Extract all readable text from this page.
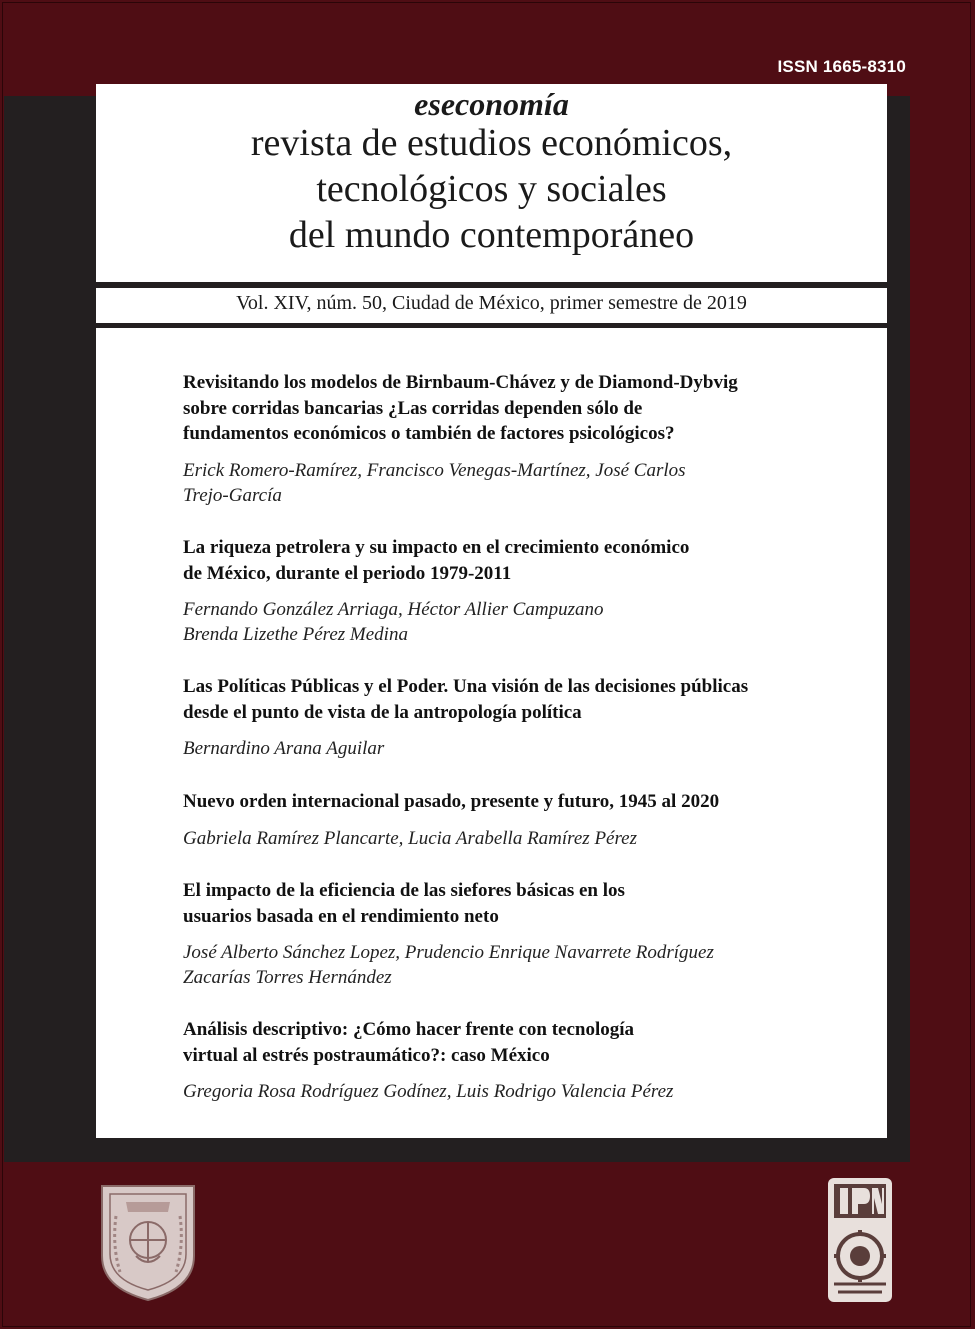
ISSN 1665-8310
eseconomía
revista de estudios económicos,
tecnológicos y sociales
del mundo contemporáneo
Vol. XIV, núm. 50, Ciudad de México, primer semestre de 2019
Revisitando los modelos de Birnbaum-Chávez y de Diamond-Dybvig
sobre corridas bancarias ¿Las corridas dependen sólo de
fundamentos económicos o también de factores psicológicos?
Erick Romero-Ramírez, Francisco Venegas-Martínez, José Carlos
Trejo-García
La riqueza petrolera y su impacto en el crecimiento económico
de México, durante el periodo 1979-2011
Fernando González Arriaga, Héctor Allier Campuzano
Brenda Lizethe Pérez Medina
Las Políticas Públicas y el Poder. Una visión de las decisiones públicas
desde el punto de vista de la antropología política
Bernardino Arana Aguilar
Nuevo orden internacional pasado, presente y futuro, 1945 al 2020
Gabriela Ramírez Plancarte, Lucia Arabella Ramírez Pérez
El impacto de la eficiencia de las siefores básicas en los
usuarios basada en el rendimiento neto
José Alberto Sánchez Lopez, Prudencio Enrique Navarrete Rodríguez
Zacarías Torres Hernández
Análisis descriptivo: ¿Cómo hacer frente con tecnología
virtual al estrés postraumático?: caso México
Gregoria Rosa Rodríguez Godínez, Luis Rodrigo Valencia Pérez
